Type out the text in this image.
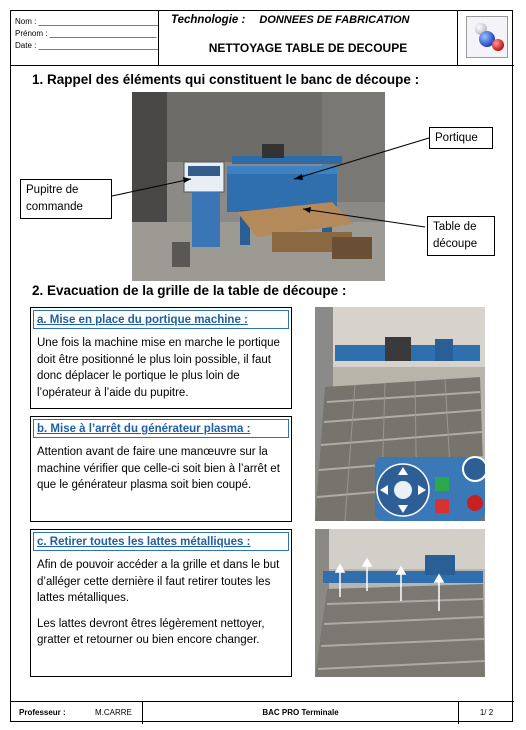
Nom : ___________________________
Prénom : ________________________
Date : ___________________________
Technologie : DONNEES DE FABRICATION
NETTOYAGE TABLE DE DECOUPE
1. Rappel des éléments qui constituent le banc de découpe :
Portique
Pupitre de commande
Table de découpe
2. Evacuation de la grille de la table de découpe :
a. Mise en place du portique machine :

Une fois la machine mise en marche le portique doit être positionné le plus loin possible, il faut donc déplacer le portique le plus loin de l’opérateur à l’aide du pupitre.

b. Mise à l’arrêt du générateur plasma :

Attention avant de faire une manœuvre sur la machine vérifier que celle-ci soit bien à l’arrêt et que le générateur plasma soit bien coupé.

c. Retirer toutes les lattes métalliques :

Afin de pouvoir accéder a la grille et dans le but d’alléger cette dernière il faut retirer toutes les lattes métalliques.

Les lattes devront êtres légèrement nettoyer, gratter et retourner ou bien encore changer.

Professeur :	M.CARRE	BAC PRO Terminale	1/ 2
